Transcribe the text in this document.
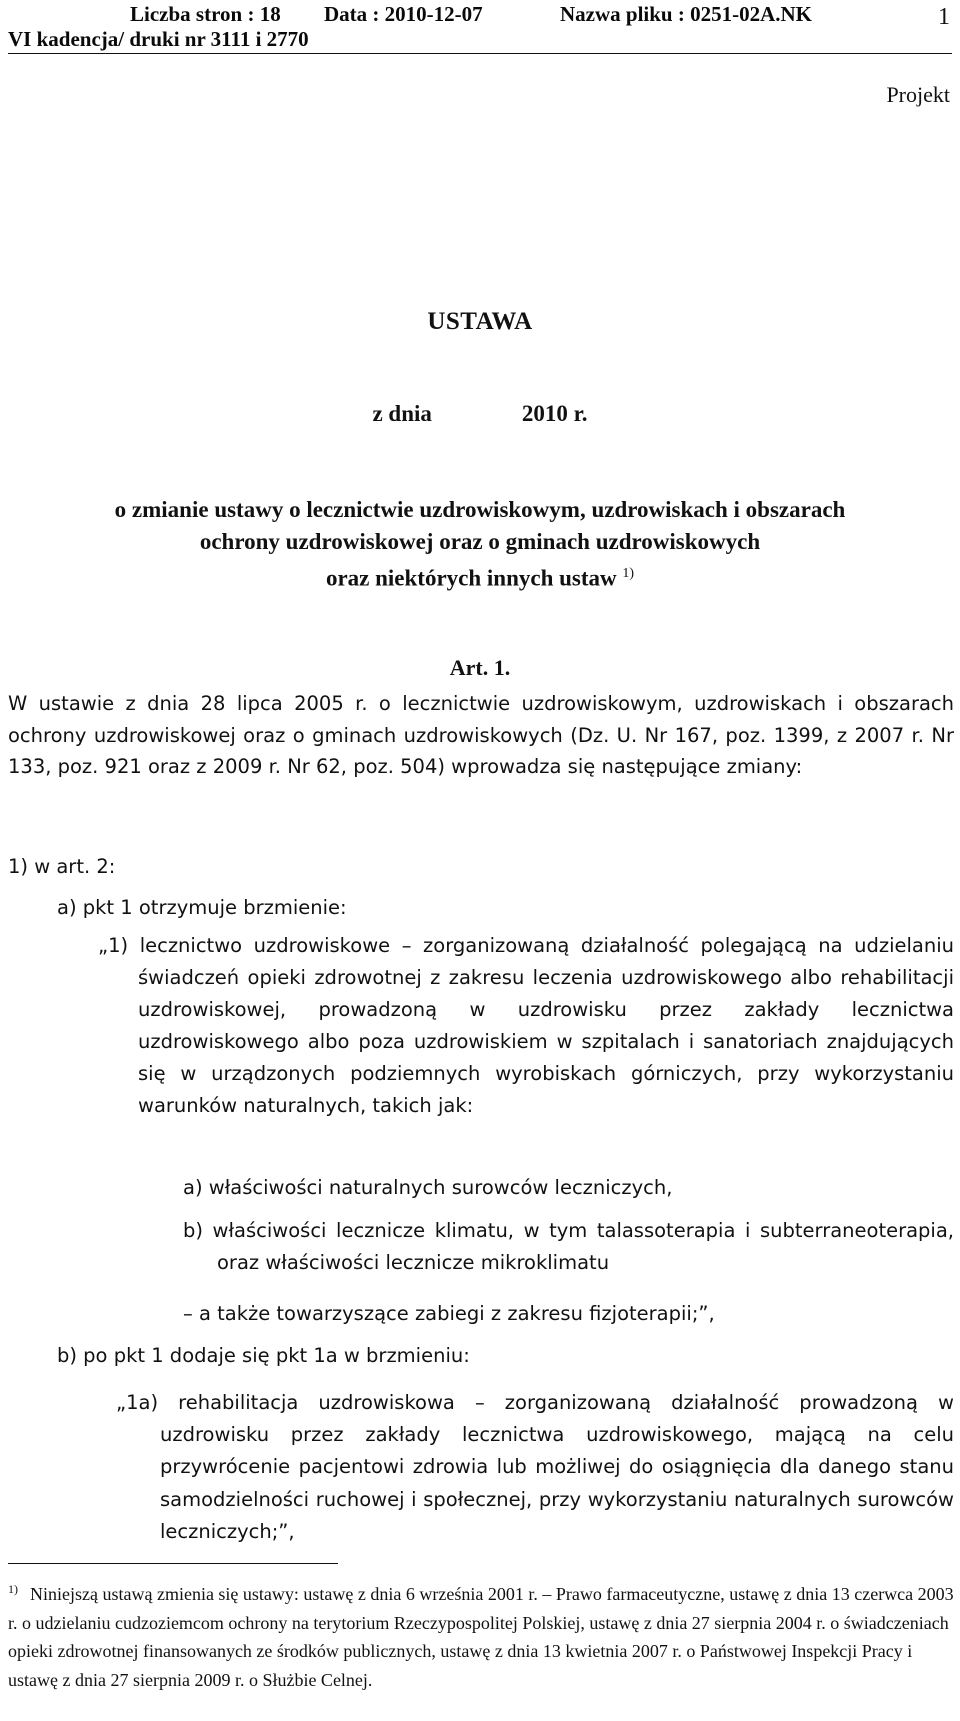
Liczba stron : 18 Data : 2010-12-07	Nazwa pliku : 0251-02A.NK
VI kadencja/ druki nr 3111 i 2770
1
Projekt
USTAWA
z dnia	2010 r.
o zmianie ustawy o lecznictwie uzdrowiskowym, uzdrowiskach i obszarach
ochrony uzdrowiskowej oraz o gminach uzdrowiskowych
oraz niektórych innych ustaw $^{1)}$
Art. 1.
W ustawie z dnia 28 lipca 2005 r. o lecznictwie uzdrowiskowym, uzdrowiskach i obszarach ochrony uzdrowiskowej oraz o gminach uzdrowiskowych (Dz. U. Nr 167, poz. 1399, z 2007 r. Nr 133, poz. 921 oraz z 2009 r. Nr 62, poz. 504) wprowadza się następujące zmiany:
1) w art. 2:
a) pkt 1 otrzymuje brzmienie:
„1) lecznictwo uzdrowiskowe – zorganizowaną działalność polegającą na udzielaniu świadczeń opieki zdrowotnej z zakresu leczenia uzdrowiskowego albo rehabilitacji uzdrowiskowej, prowadzoną w uzdrowisku przez zakłady lecznictwa uzdrowiskowego albo poza uzdrowiskiem w szpitalach i sanatoriach znajdujących się w urządzonych podziemnych wyrobiskach górniczych, przy wykorzystaniu warunków naturalnych, takich jak:
a) właściwości naturalnych surowców leczniczych,
b) właściwości lecznicze klimatu, w tym talassoterapia i subterraneoterapia, oraz właściwości lecznicze mikroklimatu
– a także towarzyszące zabiegi z zakresu fizjoterapii;”,
b) po pkt 1 dodaje się pkt 1a w brzmieniu:
„1a) rehabilitacja uzdrowiskowa – zorganizowaną działalność prowadzoną w uzdrowisku przez zakłady lecznictwa uzdrowiskowego, mającą na celu przywrócenie pacjentowi zdrowia lub możliwej do osiągnięcia dla danego stanu samodzielności ruchowej i społecznej, przy wykorzystaniu naturalnych surowców leczniczych;”,
$^{1)}$ Niniejszą ustawą zmienia się ustawy: ustawę z dnia 6 września 2001 r. – Prawo farmaceutyczne, ustawę z dnia 13 czerwca 2003 r. o udzielaniu cudzoziemcom ochrony na terytorium Rzeczypospolitej Polskiej, ustawę z dnia 27 sierpnia 2004 r. o świadczeniach opieki zdrowotnej finansowanych ze środków publicznych, ustawę z dnia 13 kwietnia 2007 r. o Państwowej Inspekcji Pracy i ustawę z dnia 27 sierpnia 2009 r. o Służbie Celnej.
